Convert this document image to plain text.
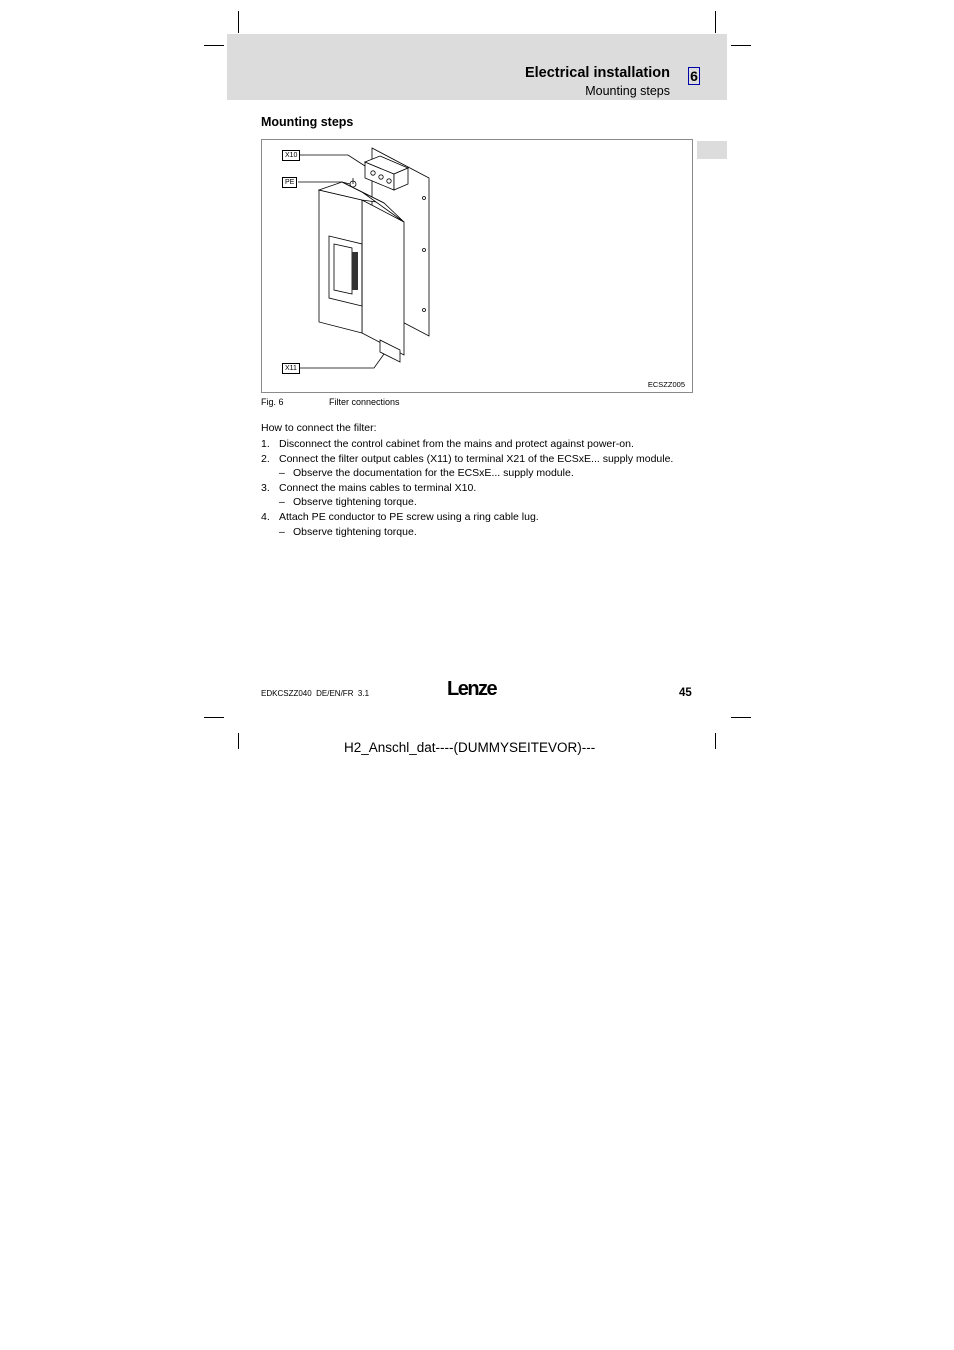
Electrical installation
Mounting steps
6
Mounting steps
X10
PE
X11
ECSZZ005
Fig. 6	Filter connections
How to connect the filter:
1. Disconnect the control cabinet from the mains and protect against power-on.
2. Connect the filter output cables (X11) to terminal X21 of the ECSxE... supply module.
– Observe the documentation for the ECSxE... supply module.
3. Connect the mains cables to terminal X10.
– Observe tightening torque.
4. Attach PE conductor to PE screw using a ring cable lug.
– Observe tightening torque.
EDKCSZZ040  DE/EN/FR  3.1	Lenze	45
H2_Anschl_dat----(DUMMYSEITEVOR)---
